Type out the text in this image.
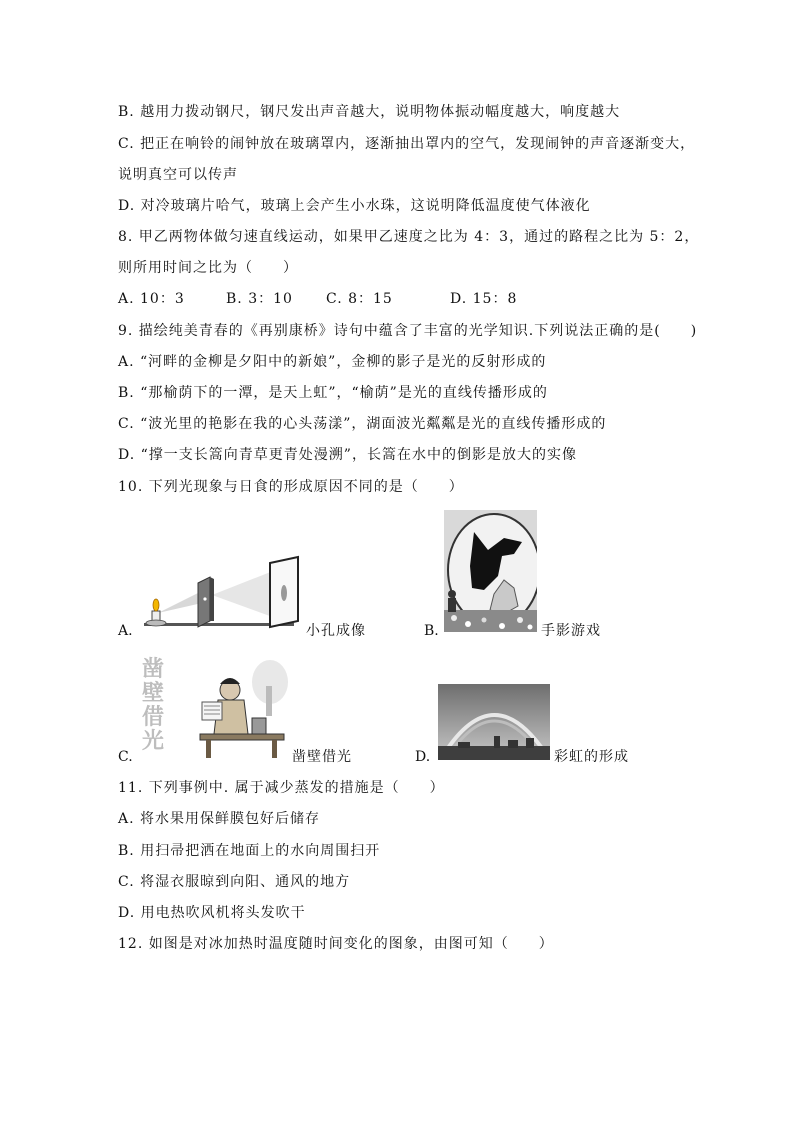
B. 越用力拨动钢尺，钢尺发出声音越大，说明物体振动幅度越大，响度越大
C. 把正在响铃的闹钟放在玻璃罩内，逐渐抽出罩内的空气，发现闹钟的声音逐渐变大，
说明真空可以传声
D. 对冷玻璃片哈气，玻璃上会产生小水珠，这说明降低温度使气体液化
8. 甲乙两物体做匀速直线运动，如果甲乙速度之比为 4：3，通过的路程之比为 5：2，
则所用时间之比为（　　）
A. 10：3	B. 3：10 C. 8：15	D. 15：8
9. 描绘纯美青春的《再别康桥》诗句中蕴含了丰富的光学知识.下列说法正确的是(　　)
A. “河畔的金柳是夕阳中的新娘”，金柳的影子是光的反射形成的
B. “那榆荫下的一潭，是天上虹”，“榆荫”是光的直线传播形成的
C. “波光里的艳影在我的心头荡漾”，湖面波光粼粼是光的直线传播形成的
D. “撑一支长篙向青草更青处漫溯”，长篙在水中的倒影是放大的实像
10. 下列光现象与日食的形成原因不同的是（　　）
A.	小孔成像	B.	手影游戏
C.
凿壁借光
凿壁借光	D.	彩虹的形成
11. 下列事例中. 属于减少蒸发的措施是（　　）
A. 将水果用保鲜膜包好后储存
B. 用扫帚把洒在地面上的水向周围扫开
C. 将湿衣服晾到向阳、通风的地方
D. 用电热吹风机将头发吹干
12. 如图是对冰加热时温度随时间变化的图象，由图可知（　　）
